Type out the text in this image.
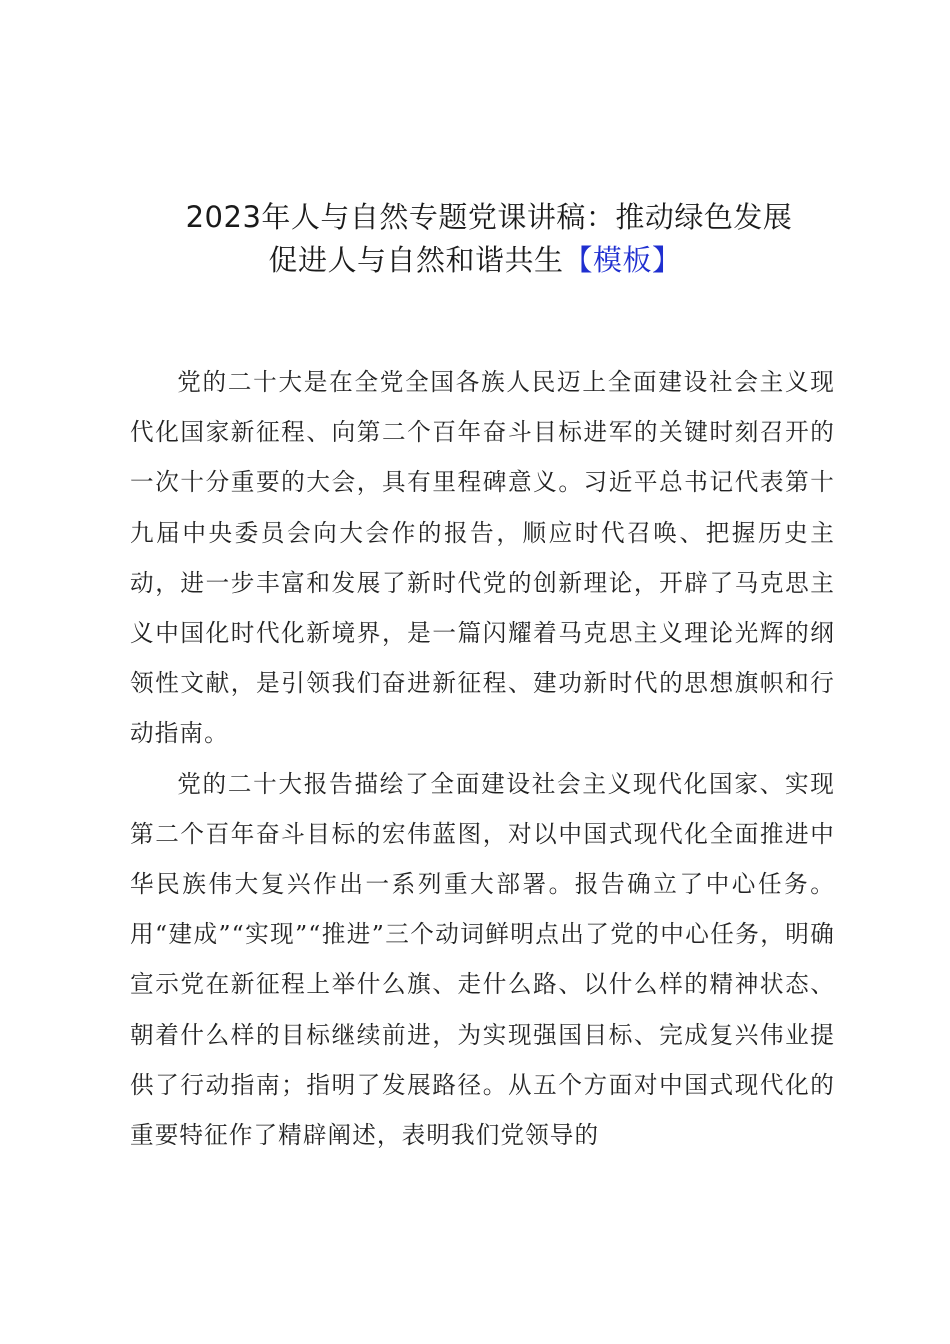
2023年人与自然专题党课讲稿：推动绿色发展
促进人与自然和谐共生【模板】

党的二十大是在全党全国各族人民迈上全面建设社会主义现代化国家新征程、向第二个百年奋斗目标进军的关键时刻召开的一次十分重要的大会，具有里程碑意义。习近平总书记代表第十九届中央委员会向大会作的报告，顺应时代召唤、把握历史主动，进一步丰富和发展了新时代党的创新理论，开辟了马克思主义中国化时代化新境界，是一篇闪耀着马克思主义理论光辉的纲领性文献，是引领我们奋进新征程、建功新时代的思想旗帜和行动指南。

党的二十大报告描绘了全面建设社会主义现代化国家、实现第二个百年奋斗目标的宏伟蓝图，对以中国式现代化全面推进中华民族伟大复兴作出一系列重大部署。报告确立了中心任务。用“建成”“实现”“推进”三个动词鲜明点出了党的中心任务，明确宣示党在新征程上举什么旗、走什么路、以什么样的精神状态、朝着什么样的目标继续前进，为实现强国目标、完成复兴伟业提供了行动指南；指明了发展路径。从五个方面对中国式现代化的重要特征作了精辟阐述，表明我们党领导的
